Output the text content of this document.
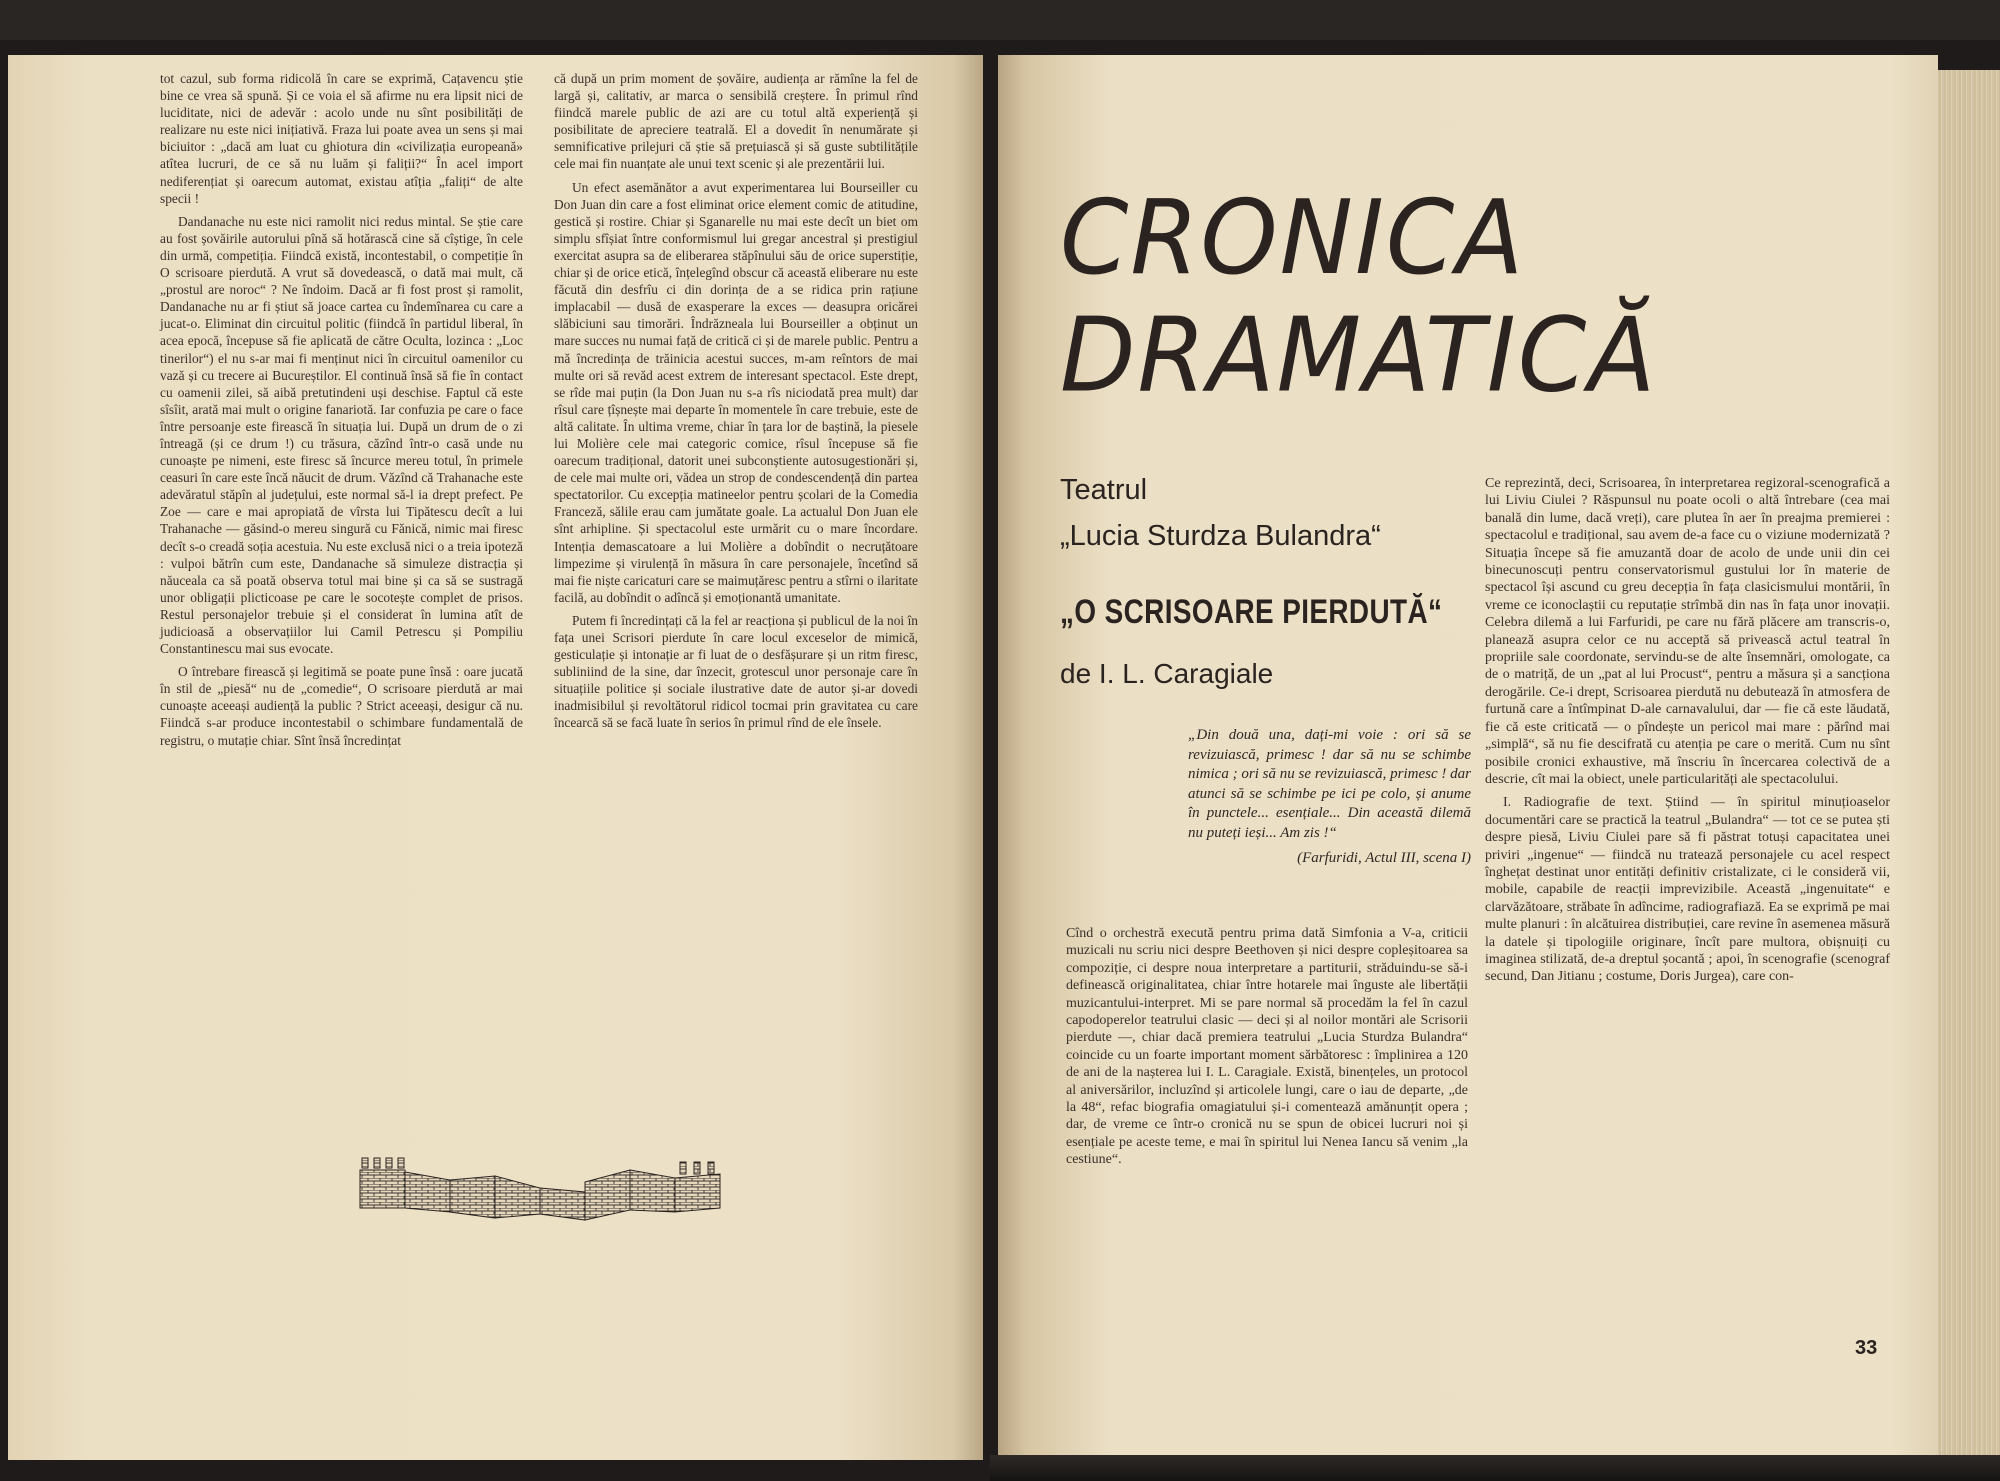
tot cazul, sub forma ridicolă în care se exprimă, Cațavencu știe bine ce vrea să spună. Și ce voia el să afirme nu era lipsit nici de luciditate, nici de adevăr : acolo unde nu sînt posibilități de realizare nu este nici inițiativă. Fraza lui poate avea un sens și mai biciuitor : „dacă am luat cu ghiotura din «civilizația europeană» atîtea lucruri, de ce să nu luăm și faliții?“ În acel import nediferențiat și oarecum automat, existau atîția „faliți“ de alte specii !

Dandanache nu este nici ramolit nici redus mintal. Se știe care au fost șovăirile autorului pînă să hotărască cine să cîștige, în cele din urmă, competiția. Fiindcă există, incontestabil, o competiție în O scrisoare pierdută. A vrut să dovedească, o dată mai mult, că „prostul are noroc“ ? Ne îndoim. Dacă ar fi fost prost și ramolit, Dandanache nu ar fi știut să joace cartea cu îndemînarea cu care a jucat-o. Eliminat din circuitul politic (fiindcă în partidul liberal, în acea epocă, începuse să fie aplicată de către Oculta, lozinca : „Loc tinerilor“) el nu s-ar mai fi menținut nici în circuitul oamenilor cu vază și cu trecere ai Bucureștilor. El continuă însă să fie în contact cu oamenii zilei, să aibă pretutindeni uși deschise. Faptul că este sîsîit, arată mai mult o origine fanariotă. Iar confuzia pe care o face între persoanje este firească în situația lui. După un drum de o zi întreagă (și ce drum !) cu trăsura, căzînd într-o casă unde nu cunoaște pe nimeni, este firesc să încurce mereu totul, în primele ceasuri în care este încă năucit de drum. Văzînd că Trahanache este adevăratul stăpîn al județului, este normal să-l ia drept prefect. Pe Zoe — care e mai apropiată de vîrsta lui Tipătescu decît a lui Trahanache — găsind-o mereu singură cu Fănică, nimic mai firesc decît s-o creadă soția acestuia. Nu este exclusă nici o a treia ipoteză : vulpoi bătrîn cum este, Dandanache să simuleze distracția și năuceala ca să poată observa totul mai bine și ca să se sustragă unor obligații plicticoase pe care le socotește complet de prisos. Restul personajelor trebuie și el considerat în lumina atît de judicioasă a observațiilor lui Camil Petrescu și Pompiliu Constantinescu mai sus evocate.

O întrebare firească și legitimă se poate pune însă : oare jucată în stil de „piesă“ nu de „comedie“, O scrisoare pierdută ar mai cunoaște aceeași audiență la public ? Strict aceeași, desigur că nu. Fiindcă s-ar produce incontestabil o schimbare fundamentală de registru, o mutație chiar. Sînt însă încredințat

că după un prim moment de șovăire, audiența ar rămîne la fel de largă și, calitativ, ar marca o sensibilă creștere. În primul rînd fiindcă marele public de azi are cu totul altă experiență și posibilitate de apreciere teatrală. El a dovedit în nenumărate și semnificative prilejuri că știe să prețuiască și să guste subtilitățile cele mai fin nuanțate ale unui text scenic și ale prezentării lui.

Un efect asemănător a avut experimentarea lui Bourseiller cu Don Juan din care a fost eliminat orice element comic de atitudine, gestică și rostire. Chiar și Sganarelle nu mai este decît un biet om simplu sfîșiat între conformismul lui gregar ancestral și prestigiul exercitat asupra sa de eliberarea stăpînului său de orice superstiție, chiar și de orice etică, înțelegînd obscur că această eliberare nu este făcută din desfrîu ci din dorința de a se ridica prin rațiune implacabil — dusă de exasperare la exces — deasupra oricărei slăbiciuni sau timorări. Îndrăzneala lui Bourseiller a obținut un mare succes nu numai față de critică ci și de marele public. Pentru a mă încredința de trăinicia acestui succes, m-am reîntors de mai multe ori să revăd acest extrem de interesant spectacol. Este drept, se rîde mai puțin (la Don Juan nu s-a rîs niciodată prea mult) dar rîsul care țîșnește mai departe în momentele în care trebuie, este de altă calitate. În ultima vreme, chiar în țara lor de baștină, la piesele lui Molière cele mai categoric comice, rîsul începuse să fie oarecum tradițional, datorit unei subconștiente autosugestionări și, de cele mai multe ori, vădea un strop de condescendență din partea spectatorilor. Cu excepția matineelor pentru școlari de la Comedia Franceză, sălile erau cam jumătate goale. La actualul Don Juan ele sînt arhipline. Și spectacolul este urmărit cu o mare încordare. Intenția demascatoare a lui Molière a dobîndit o necruțătoare limpezime și virulență în măsura în care personajele, încetînd să mai fie niște caricaturi care se maimuțăresc pentru a stîrni o ilaritate facilă, au dobîndit o adîncă și emoționantă umanitate.

Putem fi încredințați că la fel ar reacționa și publicul de la noi în fața unei Scrisori pierdute în care locul exceselor de mimică, gesticulație și intonație ar fi luat de o desfășurare și un ritm firesc, subliniind de la sine, dar înzecit, grotescul unor personaje care în situațiile politice și sociale ilustrative date de autor și-ar dovedi inadmisibilul și revoltătorul ridicol tocmai prin gravitatea cu care încearcă să se facă luate în serios în primul rînd de ele însele.

CRONICA
DRAMATICĂ
Teatrul
„Lucia Sturdza Bulandra“
„O SCRISOARE PIERDUTĂ“
de I. L. Caragiale
„Din două una, dați-mi voie : ori să se revizuiască, primesc ! dar să nu se schimbe nimica ; ori să nu se revizuiască, primesc ! dar atunci să se schimbe pe ici pe colo, și anume în punctele... esențiale... Din această dilemă nu puteți ieși... Am zis !“
(Farfuridi, Actul III, scena I)

Cînd o orchestră execută pentru prima dată Simfonia a V-a, criticii muzicali nu scriu nici despre Beethoven și nici despre copleșitoarea sa compoziție, ci despre noua interpretare a partiturii, străduindu-se să-i definească originalitatea, chiar între hotarele mai înguste ale libertății muzicantului-interpret. Mi se pare normal să procedăm la fel în cazul capodoperelor teatrului clasic — deci și al noilor montări ale Scrisorii pierdute —, chiar dacă premiera teatrului „Lucia Sturdza Bulandra“ coincide cu un foarte important moment sărbătoresc : împlinirea a 120 de ani de la nașterea lui I. L. Caragiale. Există, binențeles, un protocol al aniversărilor, incluzînd și articolele lungi, care o iau de departe, „de la 48“, refac biografia omagiatului și-i comentează amănunțit opera ; dar, de vreme ce într-o cronică nu se spun de obicei lucruri noi și esențiale pe aceste teme, e mai în spiritul lui Nenea Iancu să venim „la cestiune“.

Ce reprezintă, deci, Scrisoarea, în interpretarea regizoral-scenografică a lui Liviu Ciulei ? Răspunsul nu poate ocoli o altă întrebare (cea mai banală din lume, dacă vreți), care plutea în aer în preajma premierei : spectacolul e tradițional, sau avem de-a face cu o viziune modernizată ? Situația începe să fie amuzantă doar de acolo de unde unii din cei binecunoscuți pentru conservatorismul gustului lor în materie de spectacol își ascund cu greu decepția în fața clasicismului montării, în vreme ce iconoclaștii cu reputație strîmbă din nas în fața unor inovații. Celebra dilemă a lui Farfuridi, pe care nu fără plăcere am transcris-o, planează asupra celor ce nu acceptă să privească actul teatral în propriile sale coordonate, servindu-se de alte însemnări, omologate, ca de o matriță, de un „pat al lui Procust“, pentru a măsura și a sancționa derogările. Ce-i drept, Scrisoarea pierdută nu debutează în atmosfera de furtună care a întîmpinat D-ale carnavalului, dar — fie că este lăudată, fie că este criticată — o pîndește un pericol mai mare : părînd mai „simplă“, să nu fie descifrată cu atenția pe care o merită. Cum nu sînt posibile cronici exhaustive, mă înscriu în încercarea colectivă de a descrie, cît mai la obiect, unele particularități ale spectacolului.

I. Radiografie de text. Știind — în spiritul minuțioaselor documentări care se practică la teatrul „Bulandra“ — tot ce se putea ști despre piesă, Liviu Ciulei pare să fi păstrat totuși capacitatea unei priviri „ingenue“ — fiindcă nu tratează personajele cu acel respect înghețat destinat unor entități definitiv cristalizate, ci le consideră vii, mobile, capabile de reacții imprevizibile. Această „ingenuitate“ e clarvăzătoare, străbate în adîncime, radiografiază. Ea se exprimă pe mai multe planuri : în alcătuirea distribuției, care revine în asemenea măsură la datele și tipologiile originare, încît pare multora, obișnuiți cu imaginea stilizată, de-a dreptul șocantă ; apoi, în scenografie (scenograf secund, Dan Jitianu ; costume, Doris Jurgea), care con-

33
